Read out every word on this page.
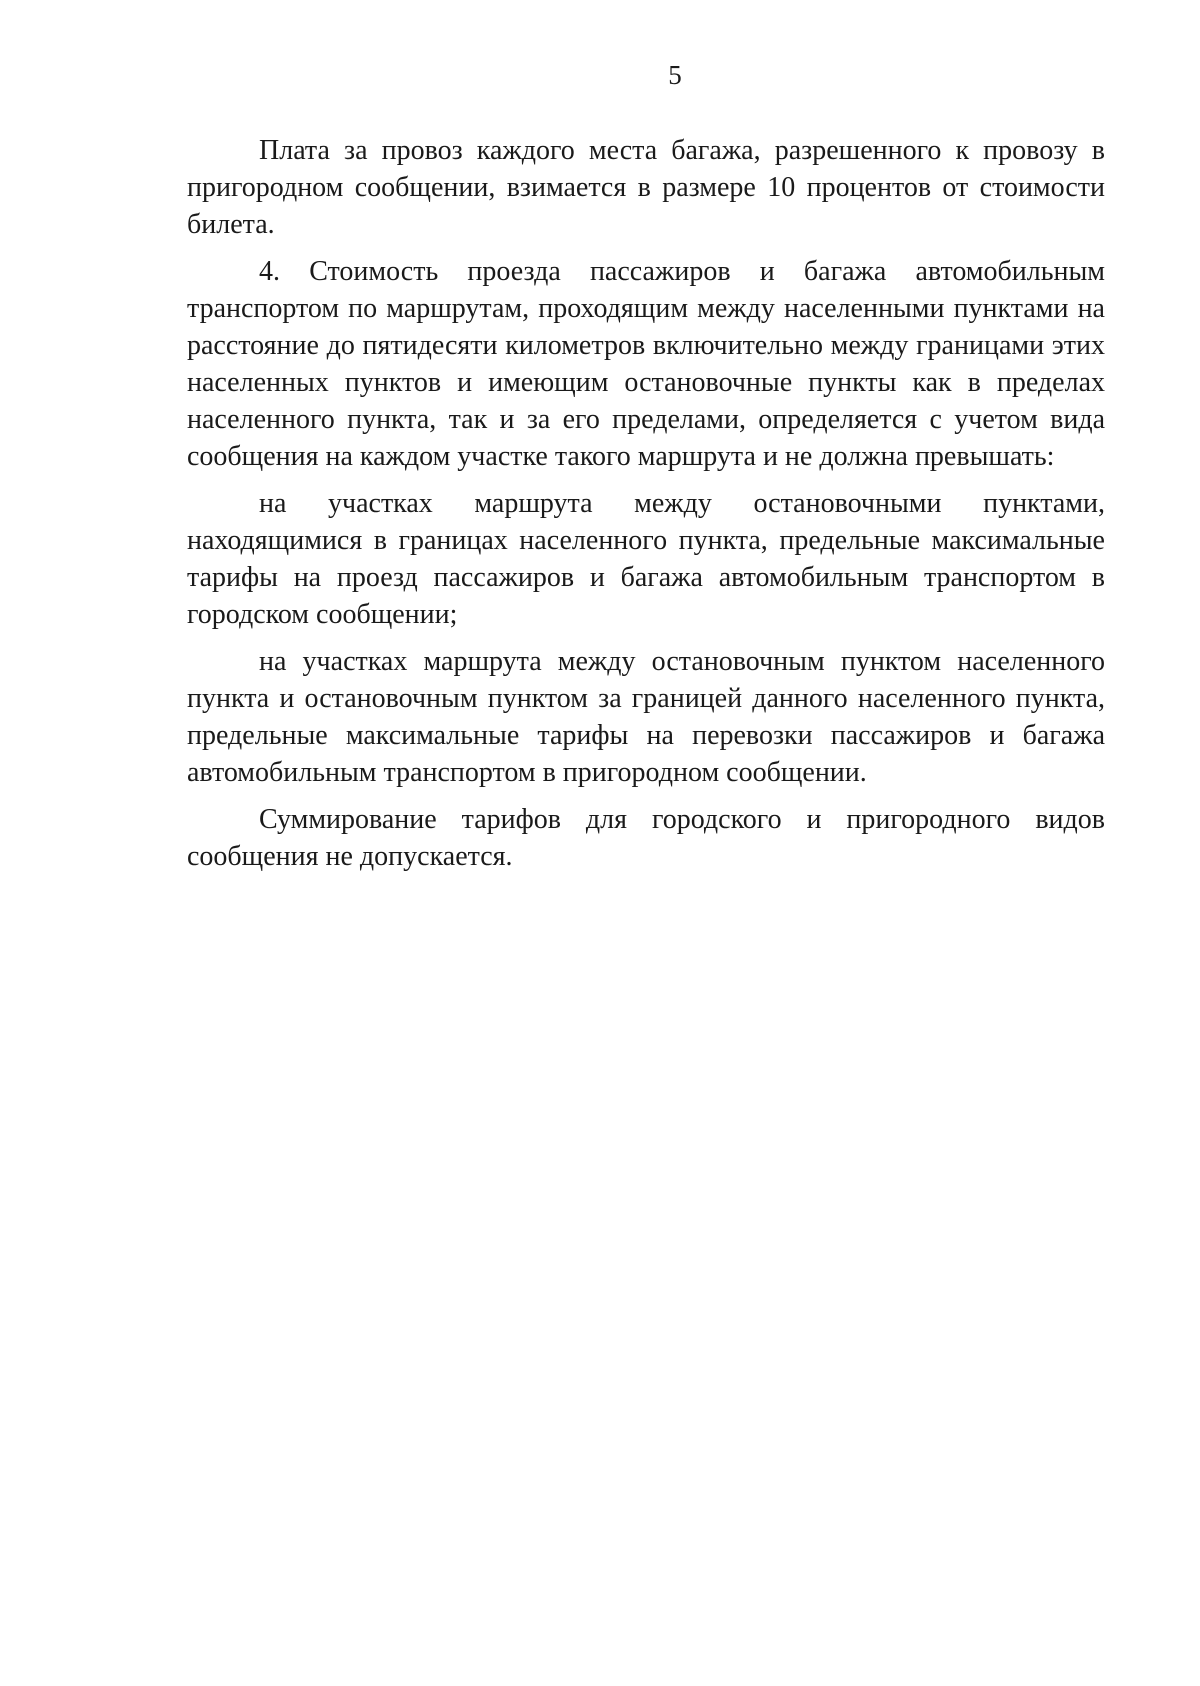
5

Плата за провоз каждого места багажа, разрешенного к провозу в пригородном сообщении, взимается в размере 10 процентов от стоимости билета.

4. Стоимость проезда пассажиров и багажа автомобильным транспортом по маршрутам, проходящим между населенными пунктами на расстояние до пятидесяти километров включительно между границами этих населенных пунктов и имеющим остановочные пункты как в пределах населенного пункта, так и за его пределами, определяется с учетом вида сообщения на каждом участке такого маршрута и не должна превышать:

на участках маршрута между остановочными пунктами, находящимися в границах населенного пункта, предельные максимальные тарифы на проезд пассажиров и багажа автомобильным транспортом в городском сообщении;

на участках маршрута между остановочным пунктом населенного пункта и остановочным пунктом за границей данного населенного пункта, предельные максимальные тарифы на перевозки пассажиров и багажа автомобильным транспортом в пригородном сообщении.

Суммирование тарифов для городского и пригородного видов сообщения не допускается.
